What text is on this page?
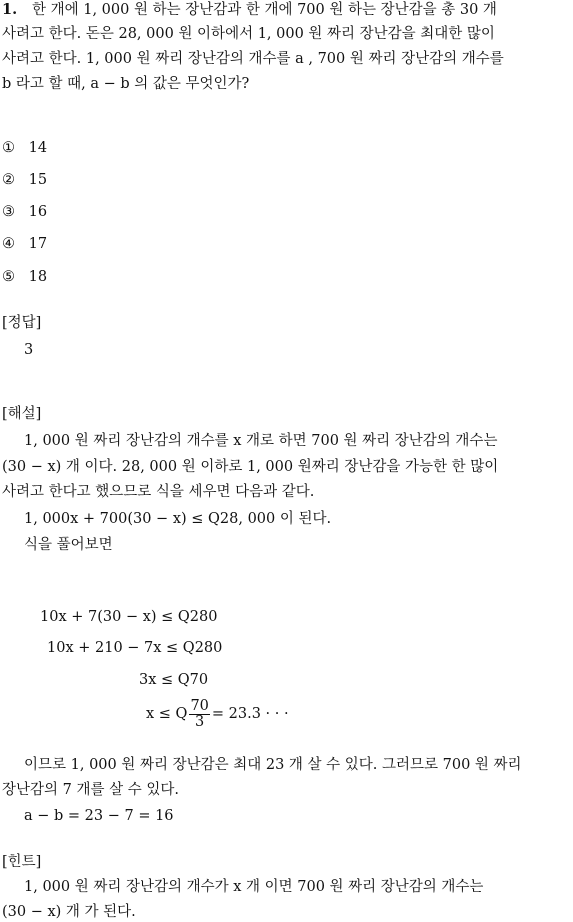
1. 한 개에 1, 000 원 하는 장난감과 한 개에 700 원 하는 장난감을 총 30 개
사려고 한다. 돈은 28, 000 원 이하에서 1, 000 원 짜리 장난감을 최대한 많이
사려고 한다. 1, 000 원 짜리 장난감의 개수를 a , 700 원 짜리 장난감의 개수를
b 라고 할 때, a − b 의 값은 무엇인가?
① 14
② 15
③ 16
④ 17
⑤ 18
[정답]
3
[해설]
1, 000 원 짜리 장난감의 개수를 x 개로 하면 700 원 짜리 장난감의 개수는
(30 − x) 개 이다. 28, 000 원 이하로 1, 000 원짜리 장난감을 가능한 한 많이
사려고 한다고 했으므로 식을 세우면 다음과 같다.
1, 000x + 700(30 − x) ≤ Q28, 000 이 된다.
식을 풀어보면
10x + 7(30 − x) ≤ Q280
10x + 210 − 7x ≤ Q280
3x ≤ Q70
x ≤ Q $\frac{70}{3} = 23.3$ · · ·
이므로 1, 000 원 짜리 장난감은 최대 23 개 살 수 있다. 그러므로 700 원 짜리
장난감의 7 개를 살 수 있다.
a − b = 23 − 7 = 16
[힌트]
1, 000 원 짜리 장난감의 개수가 x 개 이면 700 원 짜리 장난감의 개수는
(30 − x) 개 가 된다.
